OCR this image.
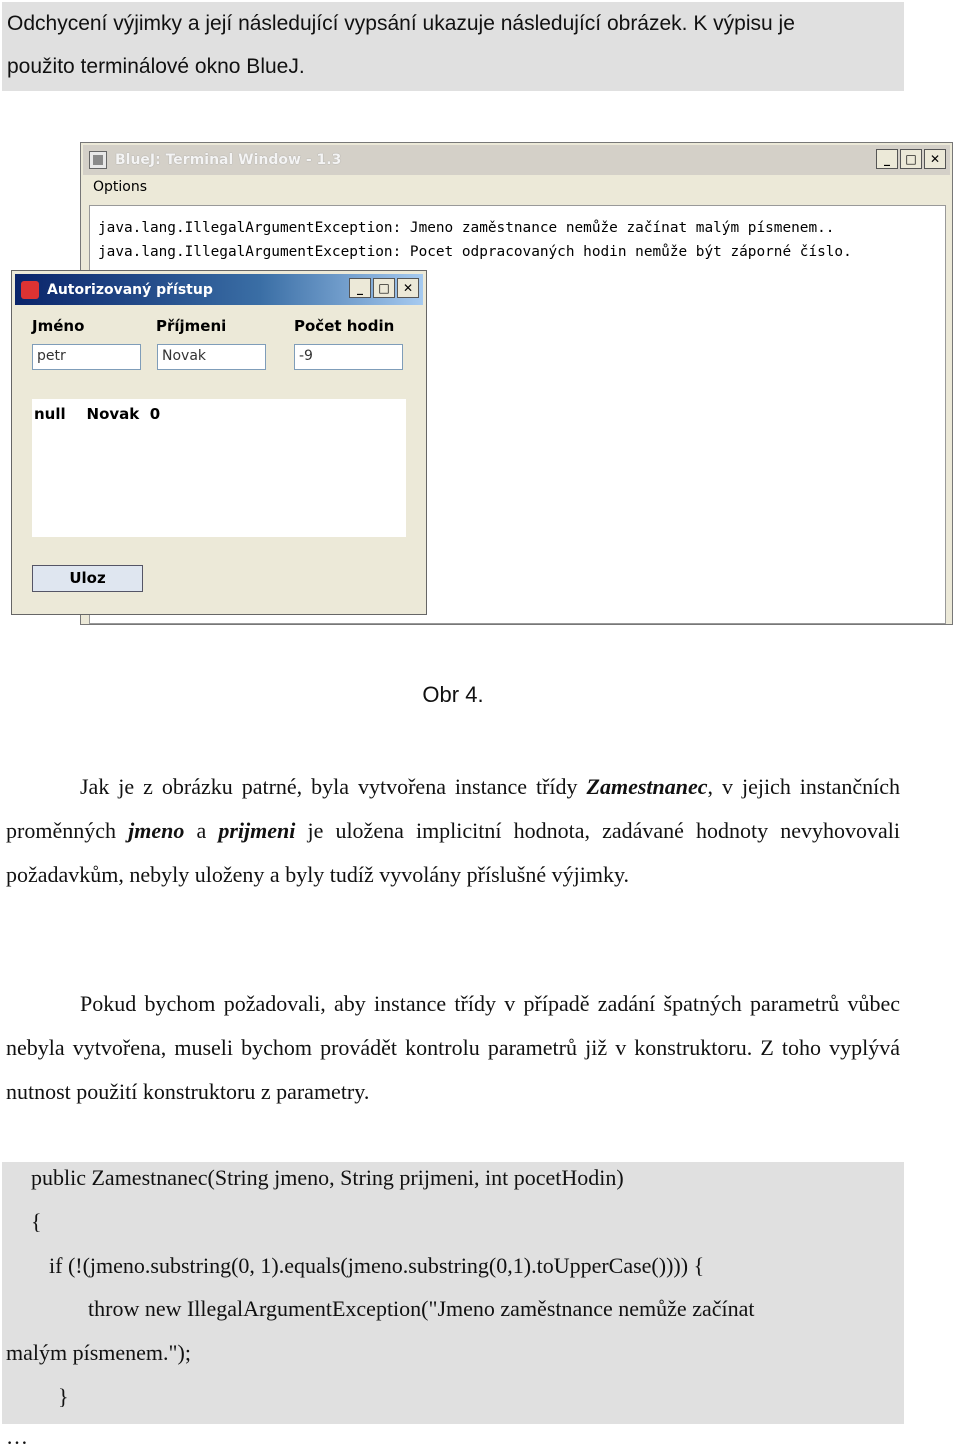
Odchycení výjimky a její následující vypsání ukazuje následující obrázek. K výpisu je
použito terminálové okno BlueJ.
BlueJ: Terminal Window - 1.3	_	□	✕
Options
java.lang.IllegalArgumentException: Jmeno zaměstnance nemůže začínat malým písmenem..
java.lang.IllegalArgumentException: Pocet odpracovaných hodin nemůže být záporné číslo.
Autorizovaný přístup	_	□	✕
Jméno	Příjmeni	Počet hodin
petr	Novak	-9
null    Novak  0
Uloz
Obr 4.
Jak je z obrázku patrné, byla vytvořena instance třídy Zamestnanec, v jejich instančních proměnných jmeno a prijmeni je uložena implicitní hodnota, zadávané hodnoty nevyhovovali požadavkům, nebyly uloženy a byly tudíž vyvolány příslušné výjimky.
Pokud bychom požadovali, aby instance třídy v případě zadání špatných parametrů vůbec nebyla vytvořena, museli bychom provádět kontrolu parametrů již v konstruktoru. Z toho vyplývá nutnost použití konstruktoru z parametry.
public Zamestnanec(String jmeno, String prijmeni, int pocetHodin)
{
if (!(jmeno.substring(0, 1).equals(jmeno.substring(0,1).toUpperCase()))) {
throw new IllegalArgumentException("Jmeno zaměstnance nemůže začínat
malým písmenem.");
}
…
